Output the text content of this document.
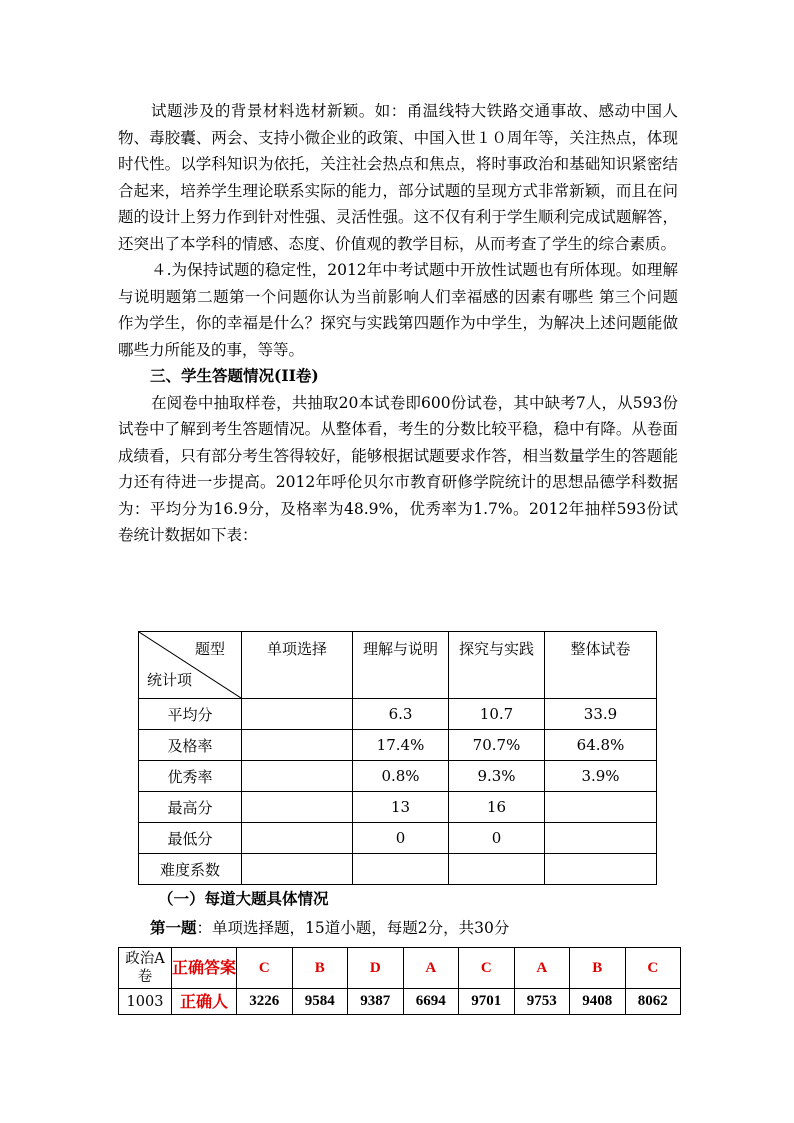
试题涉及的背景材料选材新颖。如：甬温线特大铁路交通事故、感动中国人物、毒胶囊、两会、支持小微企业的政策、中国入世１０周年等，关注热点，体现时代性。以学科知识为依托，关注社会热点和焦点，将时事政治和基础知识紧密结合起来，培养学生理论联系实际的能力，部分试题的呈现方式非常新颖，而且在问题的设计上努力作到针对性强、灵活性强。这不仅有利于学生顺利完成试题解答，还突出了本学科的情感、态度、价值观的教学目标，从而考查了学生的综合素质。

４.为保持试题的稳定性，2012年中考试题中开放性试题也有所体现。如理解与说明题第二题第一个问题你认为当前影响人们幸福感的因素有哪些 第三个问题作为学生，你的幸福是什么？探究与实践第四题作为中学生，为解决上述问题能做哪些力所能及的事，等等。

三、学生答题情况(II卷)

在阅卷中抽取样卷，共抽取20本试卷即600份试卷，其中缺考7人，从593份试卷中了解到考生答题情况。从整体看，考生的分数比较平稳，稳中有降。从卷面成绩看，只有部分考生答得较好，能够根据试题要求作答，相当数量学生的答题能力还有待进一步提高。2012年呼伦贝尔市教育研修学院统计的思想品德学科数据为：平均分为16.9分，及格率为48.9%，优秀率为1.7%。2012年抽样593份试卷统计数据如下表：

题型
统计项	单项选择	理解与说明	探究与实践	整体试卷
平均分		6.3	10.7	33.9
及格率		17.4%	70.7%	64.8%
优秀率		0.8%	9.3%	3.9%
最高分		13	16	
最低分		0	0	
难度系数				

（一）每道大题具体情况

第一题：单项选择题，15道小题，每题2分，共30分

政治A卷	正确答案	C	B	D	A	C	A	B	C
1003	正确人	3226	9584	9387	6694	9701	9753	9408	8062
